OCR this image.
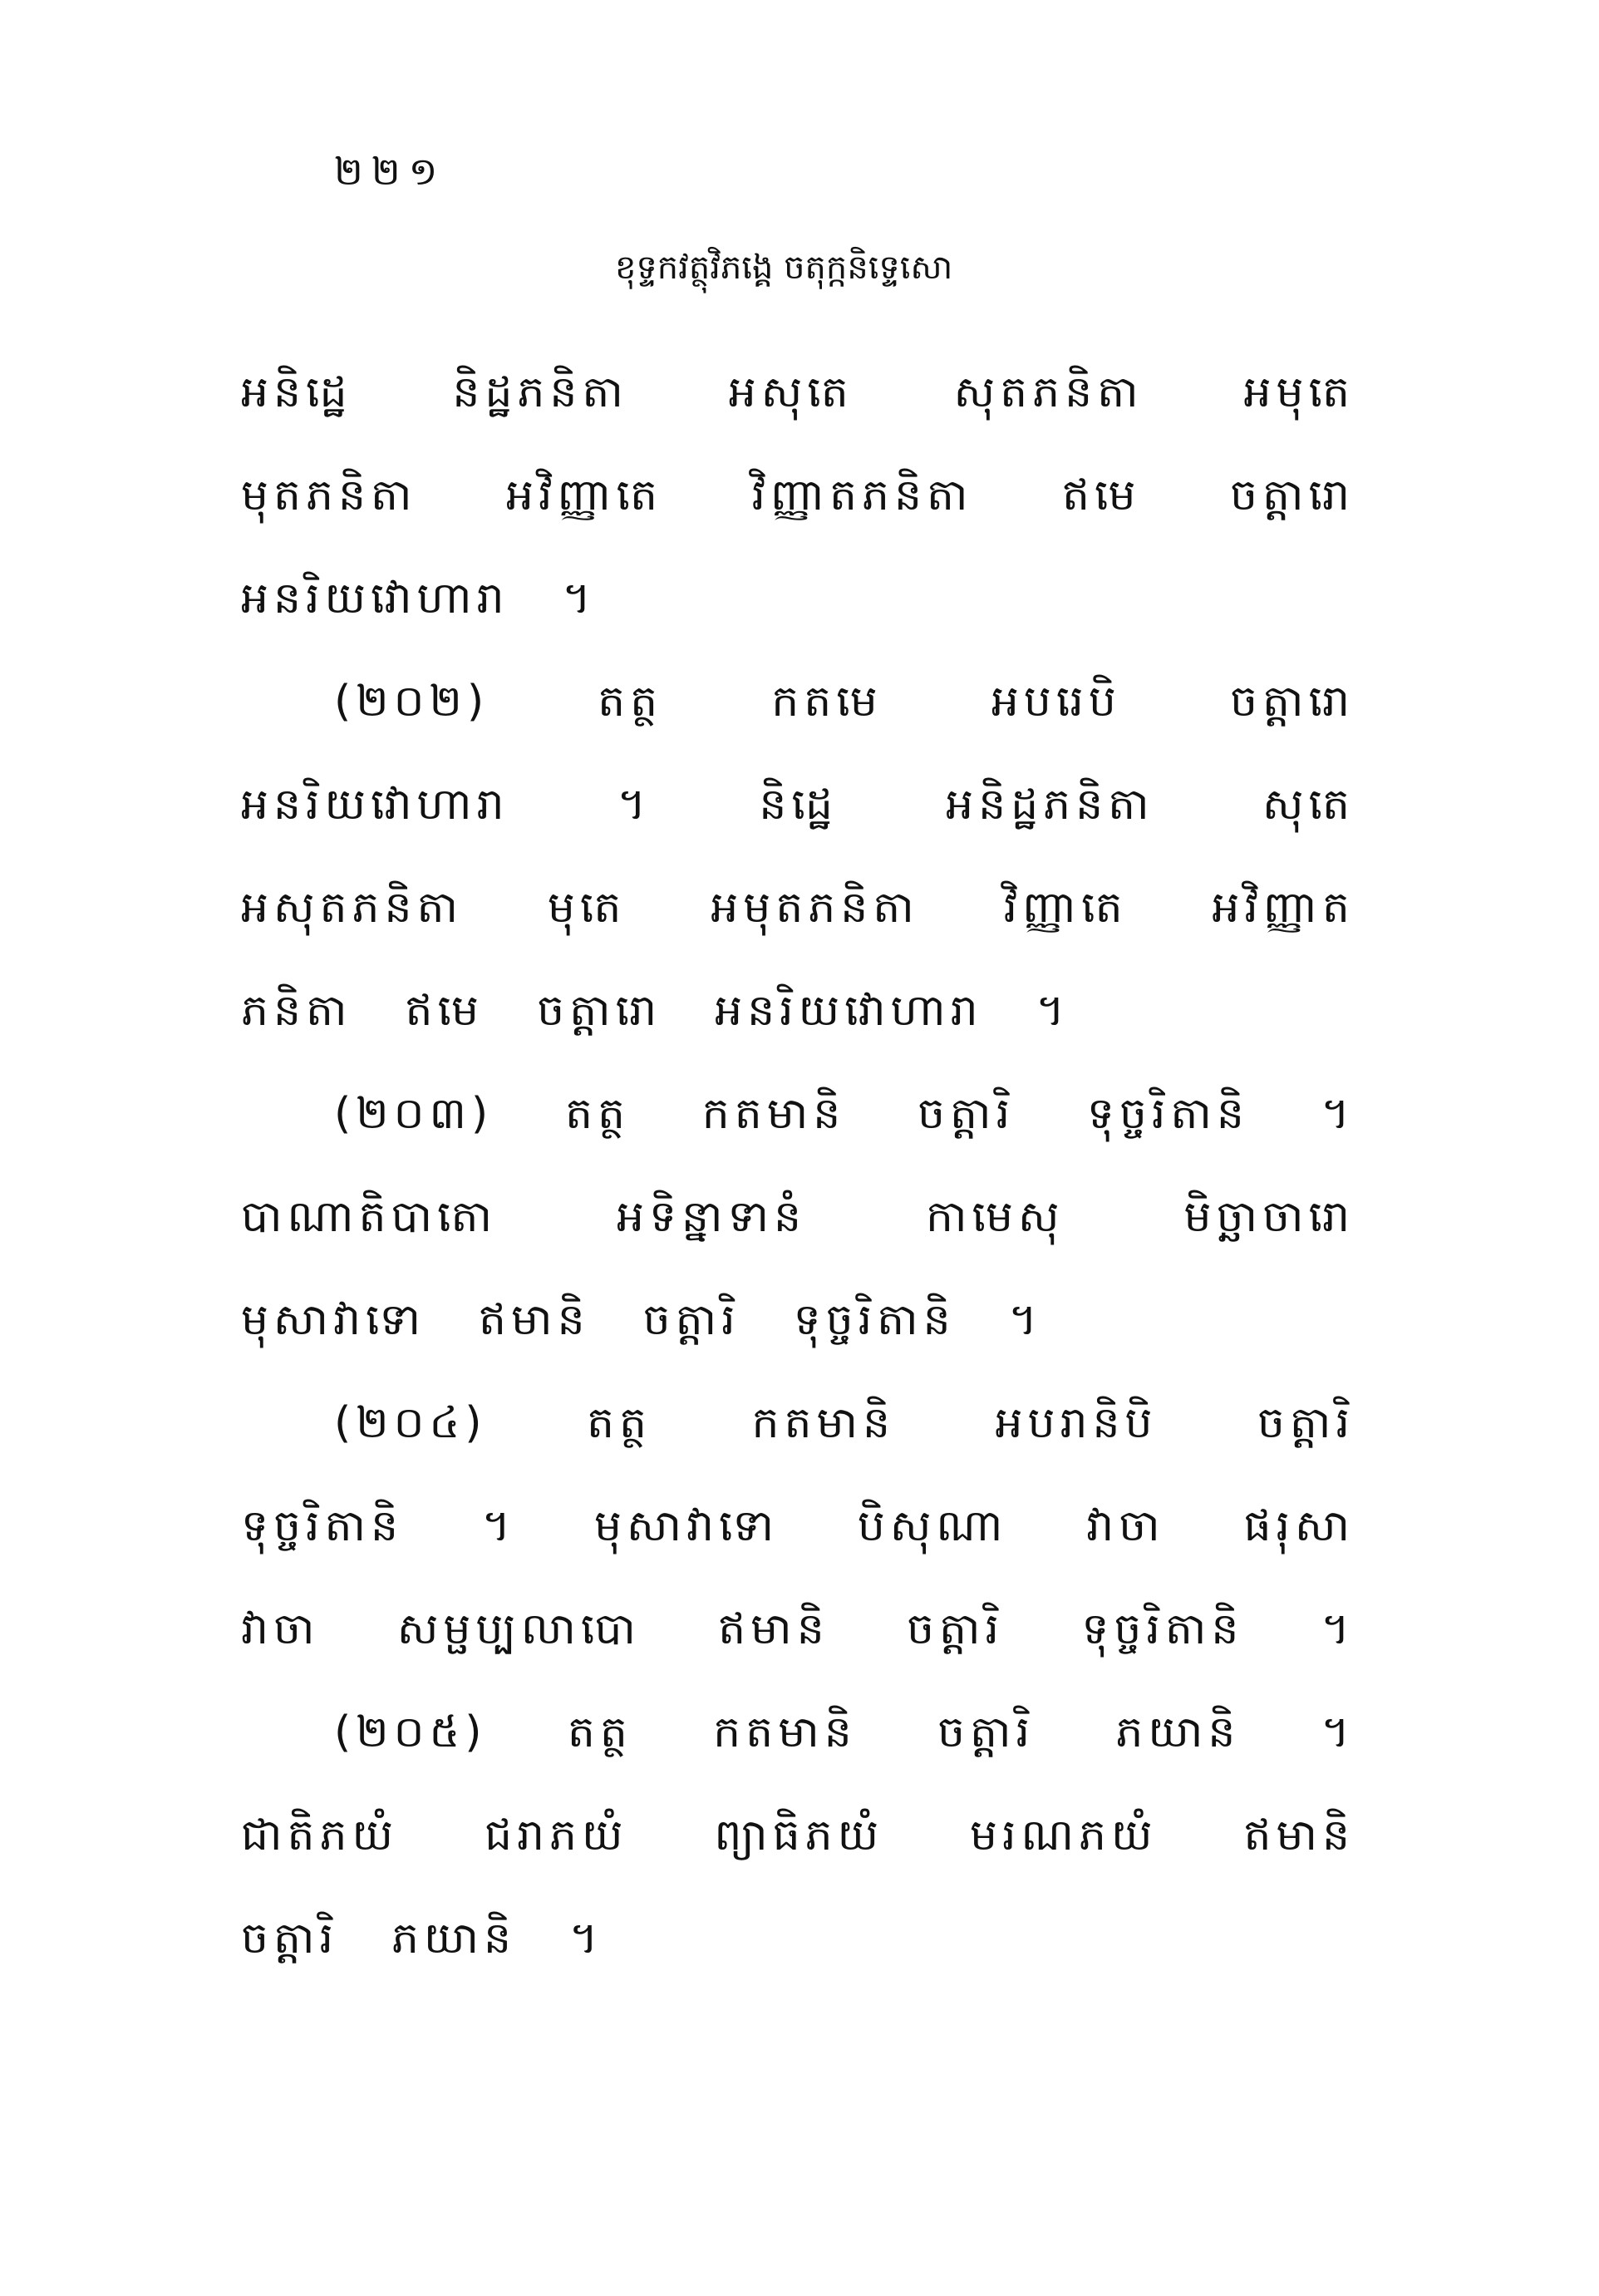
២២១
ខុទ្ទកវត្ថុវិភង្គេ ចតុក្កនិទ្ទេសោ
អនិដ្ឋេ និដ្ឋភនិតា អសុតេ សុតភនិតា អមុតេ
មុតភនិតា អវិញ្ញាតេ វិញ្ញាតភនិតា ឥមេ ចត្តារោ
អនរិយវោហារា ។
(២០២)	តត្ថ	កតមេ	អបរេបិ	ចត្តារោ
អនរិយវោហារា	។	និដ្ឋេ	អនិដ្ឋភនិតា	សុតេ
អសុតភនិតា មុតេ អមុតភនិតា វិញ្ញាតេ អវិញ្ញាត
ភនិតា ឥមេ ចត្តារោ អនរិយវោហារា ។
(២០៣) តត្ថ កតមានិ ចត្តារិ ទុច្ចរិតានិ ។
បាណាតិបាតោ	អទិន្នាទានំ	កាមេសុ	មិច្ឆាចារោ
មុសាវាទោ ឥមានិ ចត្តារិ ទុច្ចរិតានិ ។
(២០៤) តត្ថ កតមានិ អបរានិបិ ចត្តារិ
ទុច្ចរិតានិ ។ មុសាវាទោ បិសុណា វាចា ផរុសា
វាចា សម្ផប្បលាបោ ឥមានិ ចត្តារិ ទុច្ចរិតានិ ។
(២០៥) តត្ថ កតមានិ ចត្តារិ ភយានិ ។
ជាតិភយំ ជរាភយំ ព្យាធិភយំ មរណភយំ ឥមានិ
ចត្តារិ ភយានិ ។
